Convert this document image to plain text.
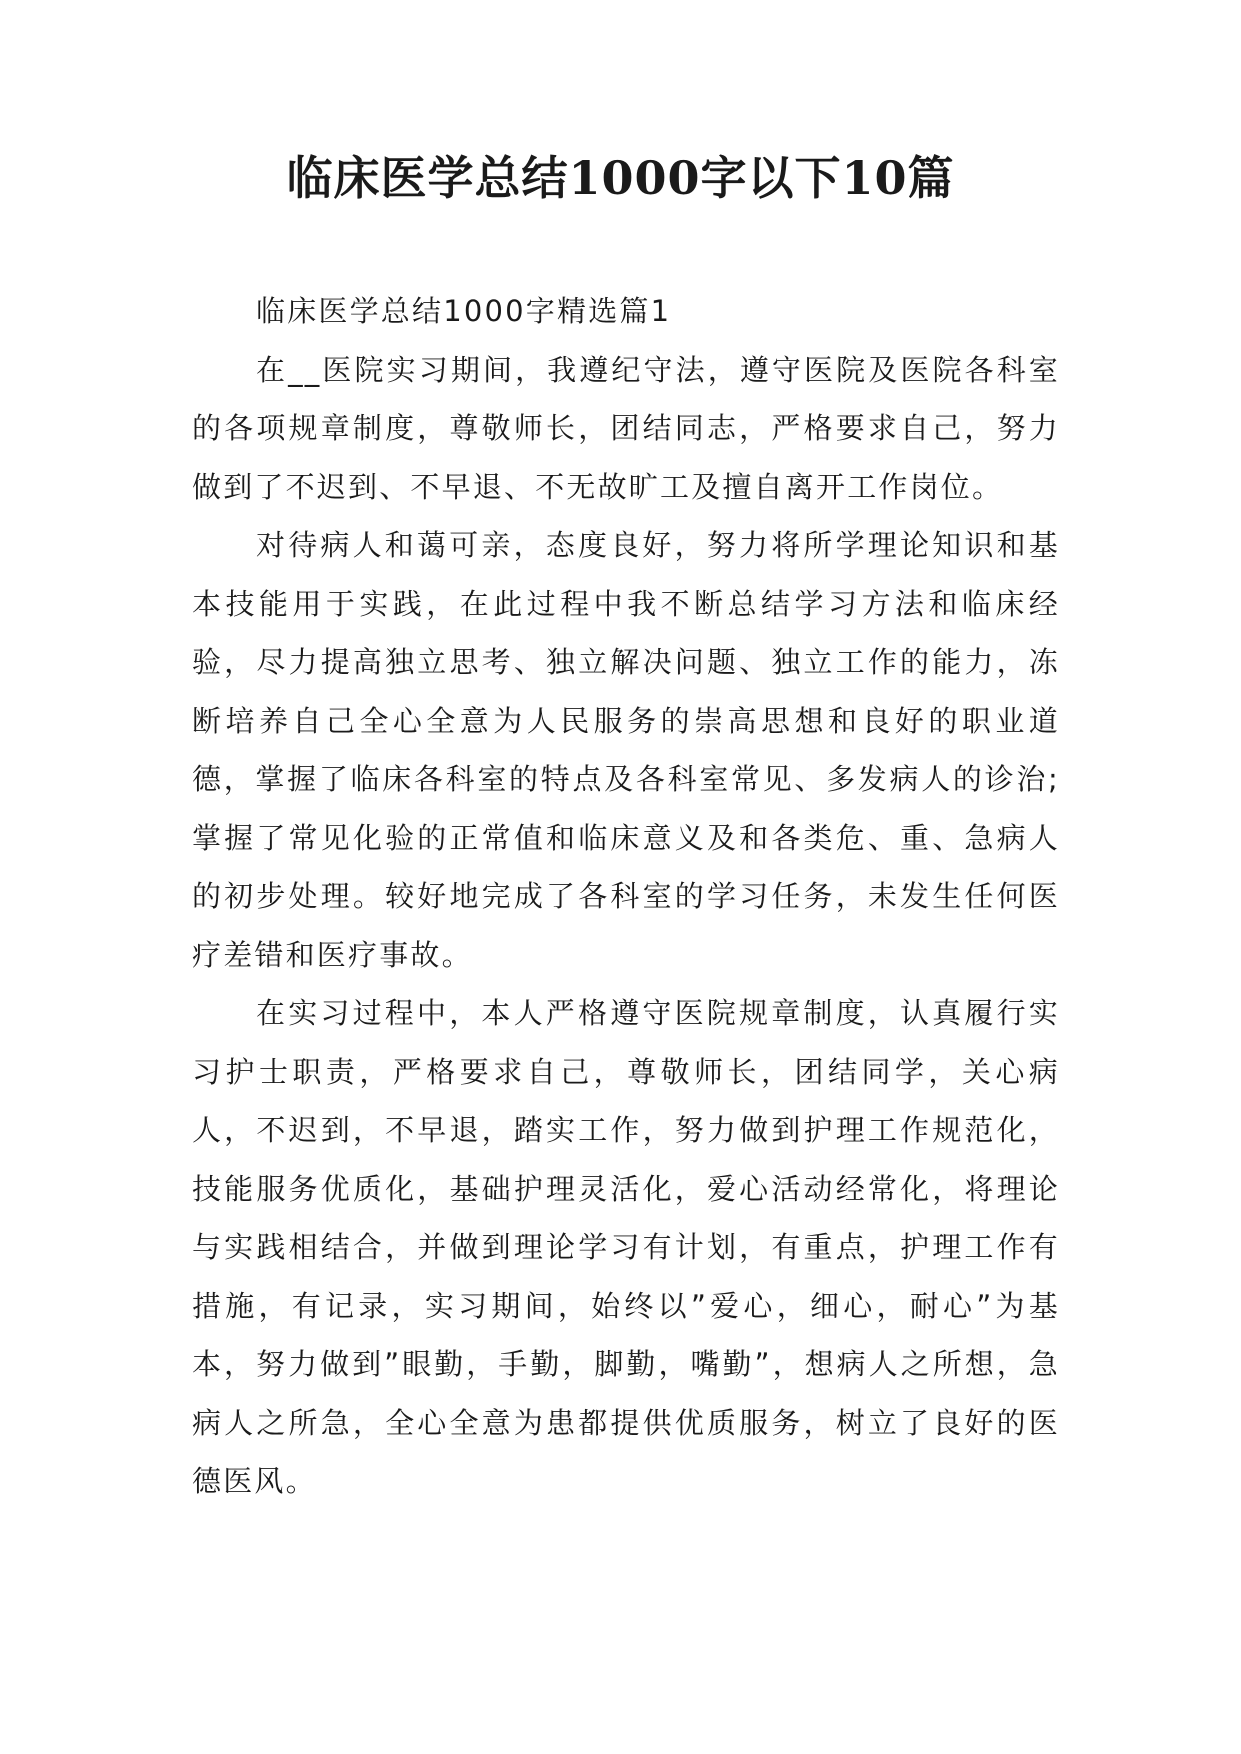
临床医学总结1000字以下10篇

临床医学总结1000字精选篇1

在__医院实习期间，我遵纪守法，遵守医院及医院各科室的各项规章制度，尊敬师长，团结同志，严格要求自己，努力做到了不迟到、不早退、不无故旷工及擅自离开工作岗位。

对待病人和蔼可亲，态度良好，努力将所学理论知识和基本技能用于实践，在此过程中我不断总结学习方法和临床经验，尽力提高独立思考、独立解决问题、独立工作的能力，冻断培养自己全心全意为人民服务的崇高思想和良好的职业道德，掌握了临床各科室的特点及各科室常见、多发病人的诊治;掌握了常见化验的正常值和临床意义及和各类危、重、急病人的初步处理。较好地完成了各科室的学习任务，未发生任何医疗差错和医疗事故。

在实习过程中，本人严格遵守医院规章制度，认真履行实习护士职责，严格要求自己，尊敬师长，团结同学，关心病人，不迟到，不早退，踏实工作，努力做到护理工作规范化，技能服务优质化，基础护理灵活化，爱心活动经常化，将理论与实践相结合，并做到理论学习有计划，有重点，护理工作有措施，有记录，实习期间，始终以”爱心，细心，耐心”为基本，努力做到”眼勤，手勤，脚勤，嘴勤”，想病人之所想，急病人之所急，全心全意为患都提供优质服务，树立了良好的医德医风。
